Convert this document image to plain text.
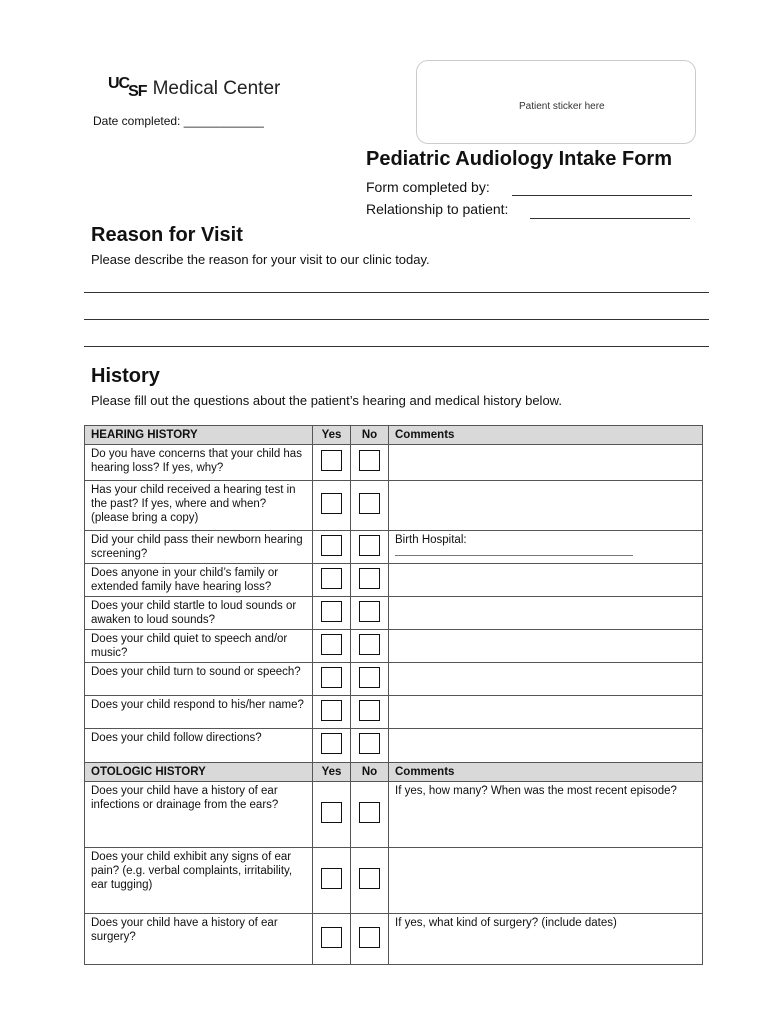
UC SF Medical Center
Date completed: ____________
Patient sticker here
Pediatric Audiology Intake Form
Form completed by:
Relationship to patient:
Reason for Visit
Please describe the reason for your visit to our clinic today.
History
Please fill out the questions about the patient’s hearing and medical history below.
HEARING HISTORY	Yes	No	Comments
Do you have concerns that your child has hearing loss? If yes, why?			
Has your child received a hearing test in the past? If yes, where and when? (please bring a copy)			
Did your child pass their newborn hearing screening?			Birth Hospital:

Does anyone in your child’s family or extended family have hearing loss?			
Does your child startle to loud sounds or awaken to loud sounds?			
Does your child quiet to speech and/or music?			
Does your child turn to sound or speech?			
Does your child respond to his/her name?			
Does your child follow directions?			
OTOLOGIC HISTORY	Yes	No	Comments
Does your child have a history of ear infections or drainage from the ears?			If yes, how many? When was the most recent episode?
Does your child exhibit any signs of ear pain? (e.g. verbal complaints, irritability, ear tugging)			
Does your child have a history of ear surgery?			If yes, what kind of surgery? (include dates)
